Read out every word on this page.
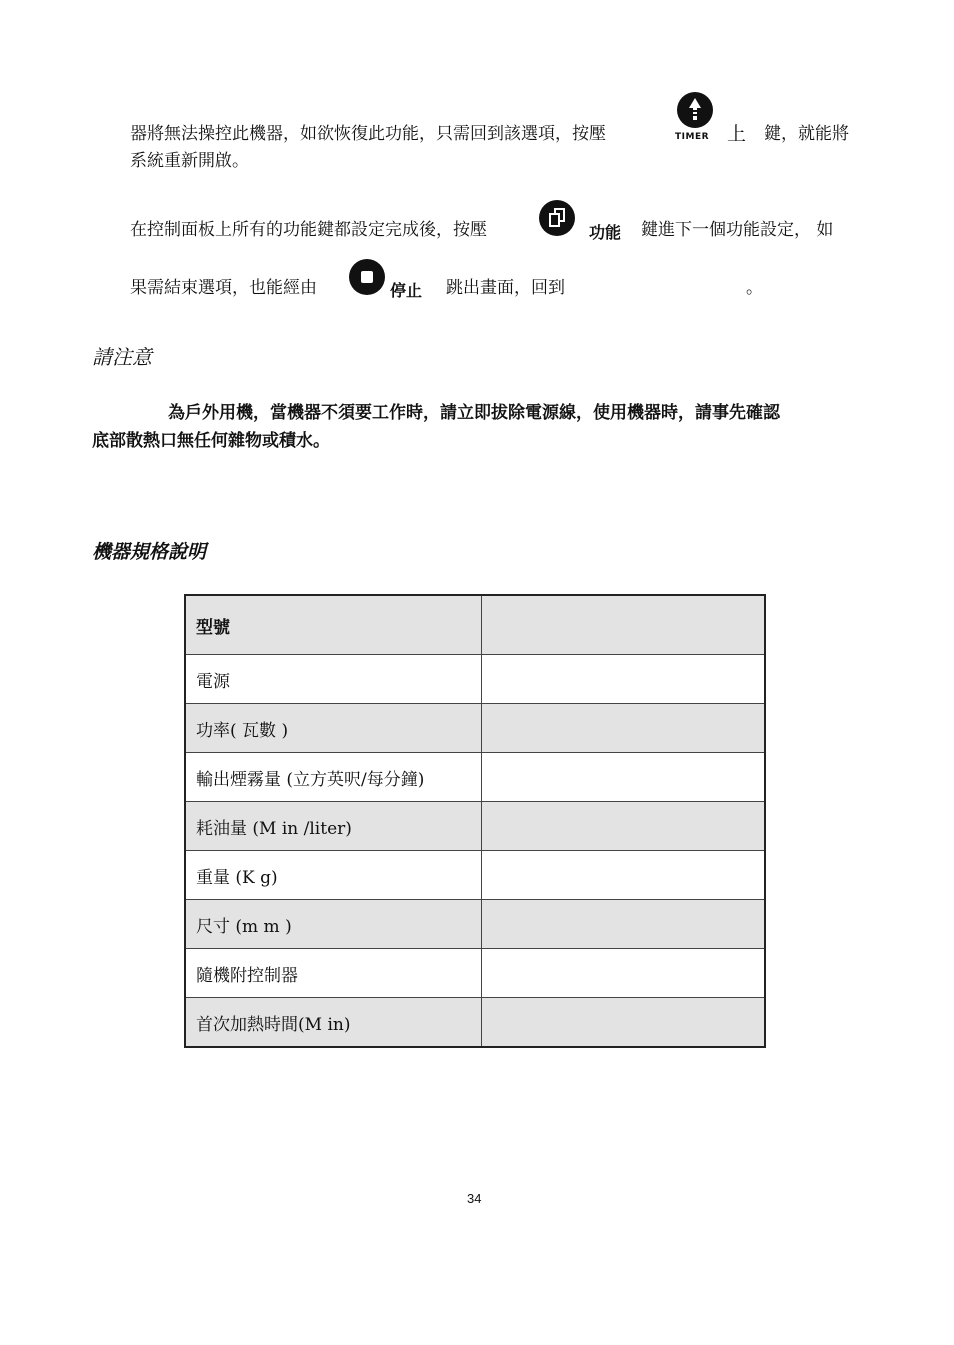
器將無法操控此機器，如欲恢復此功能，只需回到該選項，按壓	TIMER 上 鍵，就能將
系統重新開啟。
在控制面板上所有的功能鍵都設定完成後，按壓	功能 鍵進下一個功能設定， 如
果需結束選項，也能經由	停止 跳出畫面，回到	。
請注意
為戶外用機，當機器不須要工作時，請立即拔除電源線，使用機器時，請事先確認
底部散熱口無任何雜物或積水。
機器規格說明
型號	
電源	
功率( 瓦數 )	
輸出煙霧量 (立方英呎/每分鐘)	
耗油量 (M in /liter)	
重量 (K g)	
尺寸 (m m )	
隨機附控制器	
首次加熱時間(M in)	
34
